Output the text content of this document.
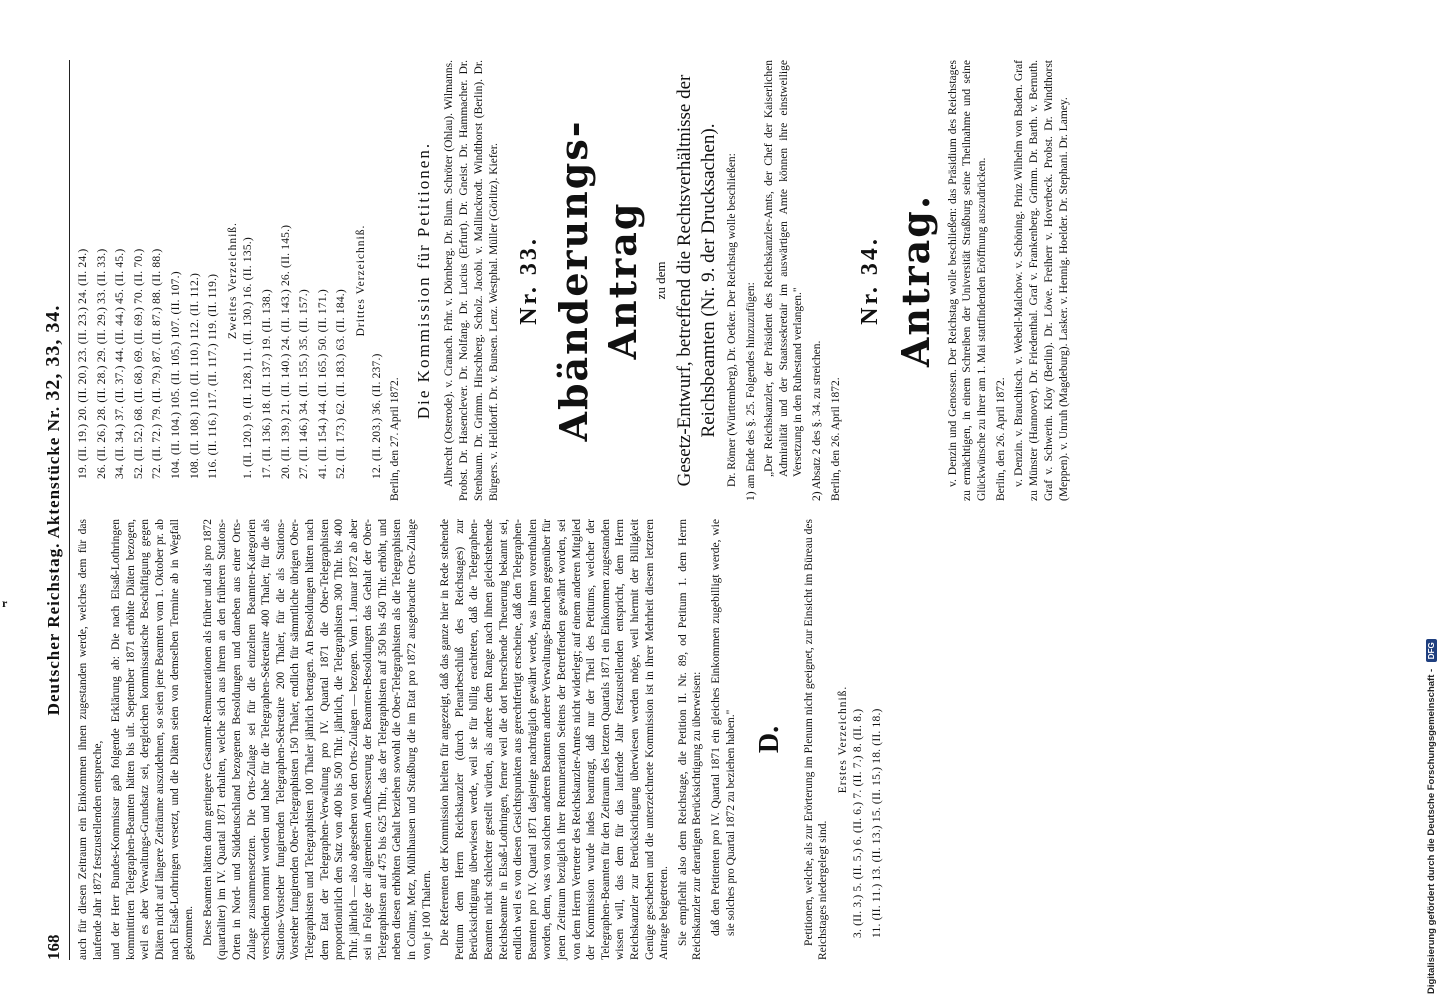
r
168
Deutscher Reichstag. Aktenstücke Nr. 32, 33, 34.

auch für diesen Zeitraum ein Einkommen ihnen zugestanden werde, welches dem für das laufende Jahr 1872 festzustellenden entspreche, und der Herr Bundes-Kommissar gab folgende Erklärung ab: Die nach Elsaß-Lothringen kommittirten Telegraphen-Beamten hätten bis ult. September 1871 erhöhte Diäten bezogen, weil es aber Verwaltungs-Grundsatz sei, dergleichen kommissarische Beschäftigung gegen Diäten nicht auf längere Zeiträume auszudehnen, so seien jene Beamten vom 1. Oktober pr. ab nach Elsaß-Lothringen versetzt, und die Diäten seien von demselben Termine ab in Wegfall gekommen. Diese Beamten hätten dann geringere Gesammt-Remunerationen als früher und als pro 1872 (quartaliter) im IV. Quartal 1871 erhalten, welche sich aus ihrem an den früheren Stations-Orten in Nord- und Süddeutschland bezogenen Besoldungen und daneben aus einer Orts-Zulage zusammensetzten. Die Orts-Zulage sei für die einzelnen Beamten-Kategorien verschieden normirt worden und habe für die Telegraphen-Sekretaire 400 Thaler, für die als Stations-Vorsteher fungirenden Telegraphen-Sekretaire 200 Thaler, für die als Stations-Vorsteher fungirenden Ober-Telegraphisten 150 Thaler, endlich für sämmtliche übrigen Ober-Telegraphisten und Telegraphisten 100 Thaler jährlich betragen. An Besoldungen hätten nach dem Etat der Telegraphen-Verwaltung pro IV. Quartal 1871 die Ober-Telegraphisten proportionirlich den Satz von 400 bis 500 Thlr. jährlich, die Telegraphisten 300 Thlr. bis 400 Thlr. jährlich — also abgesehen von den Orts-Zulagen — bezogen. Vom 1. Januar 1872 ab aber sei in Folge der allgemeinen Aufbesserung der Beamten-Besoldungen das Gehalt der Ober-Telegraphisten auf 475 bis 625 Thlr., das der Telegraphisten auf 350 bis 450 Thlr. erhöht, und neben diesen erhöhten Gehalt beziehen sowohl die Ober-Telegraphisten als die Telegraphisten in Colmar, Metz, Mühlhausen und Straßburg die im Etat pro 1872 ausgebrachte Orts-Zulage von je 100 Thalern. Die Referenten der Kommission hielten für angezeigt, daß das ganze hier in Rede stehende Petitum dem Herrn Reichskanzler (durch Plenarbeschluß des Reichstages) zur Berücksichtigung überwiesen werde, weil sie für billig erachteten, daß die Telegraphen-Beamten nicht schlechter gestellt würden, als andere dem Range nach ihnen gleichstehende Reichsbeamte in Elsaß-Lothringen, ferner weil die dort herrschende Theuerung bekannt sei, endlich weil es von diesen Gesichtspunkten aus gerechtfertigt erscheine, daß den Telegraphen-Beamten pro IV. Quartal 1871 dasjenige nachträglich gewährt werde, was ihnen vorenthalten worden, denn, was von solchen anderen Beamten anderer Verwaltungs-Branchen gegenüber für jenen Zeitraum bezüglich ihrer Remuneration Seitens der Betreffenden gewährt worden, sei von dem Herrn Vertreter des Reichskanzler-Amtes nicht widerlegt; auf einem anderen Mitglied der Kommission wurde indes beantragt, daß nur der Theil des Petitums, welcher der Telegraphen-Beamten für den Zeitraum des letzten Quartals 1871 ein Einkommen zugestanden wissen will, das dem für das laufende Jahr festzustellenden entspricht, dem Herrn Reichskanzler zur Berücksichtigung überwiesen werden möge, weil hiermit der Billigkeit Genüge geschehen und die unterzeichnete Kommission ist in ihrer Mehrheit diesem letzteren Antrage beigetreten. Sie empfiehlt also dem Reichstage, die Petition II. Nr. 89, od Petitum 1. dem Herrn Reichskanzler zur derartigen Berücksichtigung zu überweisen: daß den Petitenten pro IV. Quartal 1871 ein gleiches Einkommen zugebilligt werde, wie sie solches pro Quartal 1872 zu beziehen haben." D. Petitionen, welche, als zur Erörterung im Plenum nicht geeignet, zur Einsicht im Büreau des Reichstages niedergelegt sind.

Erstes Verzeichniß. 3. (II. 3.) 5. (II. 5.) 6. (II. 6.) 7. (II. 7.) 8. (II. 8.) 11. (II. 11.) 13. (II. 13.) 15. (II. 15.) 18. (II. 18.)

19. (II. 19.) 20. (II. 20.) 23. (II. 23.) 24. (II. 24.) 26. (II. 26.) 28. (II. 28.) 29. (II. 29.) 33. (II. 33.) 34. (II. 34.) 37. (II. 37.) 44. (II. 44.) 45. (II. 45.) 52. (II. 52.) 68. (II. 68.) 69. (II. 69.) 70. (II. 70.) 72. (II. 72.) 79. (II. 79.) 87. (II. 87.) 88. (II. 88.) 104. (II. 104.) 105. (II. 105.) 107. (II. 107.) 108. (II. 108.) 110. (II. 110.) 112. (II. 112.) 116. (II. 116.) 117. (II. 117.) 119. (II. 119.) Zweites Verzeichniß. 1. (II. 120.) 9. (II. 128.) 11. (II. 130.) 16. (II. 135.) 17. (II. 136.) 18. (II. 137.) 19. (II. 138.) 20. (II. 139.) 21. (II. 140.) 24. (II. 143.) 26. (II. 145.) 27. (II. 146.) 34. (II. 155.) 35. (II. 157.) 41. (II. 154.) 44. (II. 165.) 50. (II. 171.) 52. (II. 173.) 62. (II. 183.) 63. (II. 184.)

Drittes Verzeichniß.

12. (II. 203.) 36. (II. 237.) Berlin, den 27. April 1872.

Die Kommission für Petitionen. Albrecht (Osterode). v. Cranach. Frhr. v. Dörnberg. Dr. Blum. Schröter (Ohlau). Wilmanns. Probst. Dr. Hasenclever. Dr. Nolfang. Dr. Lucius (Erfurt). Dr. Gneist. Dr. Hammacher. Dr. Stenbaum. Dr. Grimm. Hirschberg. Scholz. Jacobi. v. Mallinckrodt. Windthorst (Berlin). Dr. Bürgers. v. Helldorff. Dr. v. Bunsen. Lenz. Westphal. Müller (Görlitz). Kiefer. Nr. 33. Abänderungs-Antrag zu dem Gesetz-Entwurf, betreffend die Rechtsverhältnisse der Reichsbeamten (Nr. 9. der Drucksachen). Dr. Römer (Württemberg), Dr. Oetker. Der Reichstag wolle beschließen: 1) am Ende des §. 25. Folgendes hinzuzufügen: „Der Reichskanzler, der Präsident des Reichskanzler-Amts, der Chef der Kaiserlichen Admiralität und der Staatssekretair im auswärtigen Amte können ihre einstweilige Versetzung in den Ruhestand verlangen." 2) Absatz 2 des §. 34. zu streichen. Berlin, den 26. April 1872.

Nr. 34. Antrag. v. Denzin und Genossen. Der Reichstag wolle beschließen: das Präsidium des Reichstages zu ermächtigen, in einem Schreiben der Universität Straßburg seine Theilnahme und seine Glückwünsche zu ihrer am 1. Mai stattfindenden Eröffnung auszudrücken. Berlin, den 26. April 1872. v. Denzin. v. Brauchitsch. v. Webell-Malchow. v. Schöning. Prinz Wilhelm von Baden. Graf zu Münster (Hannover). Dr. Friedenthal. Graf v. Frankenberg. Grimm. Dr. Barth. v. Bernuth. Graf v. Schwerin. Kloy (Berlin). Dr. Löwe. Freiherr v. Hoverbeck. Probst. Dr. Windthorst (Meppen). v. Unruh (Magdeburg). Lasker. v. Hennig. Hoelder. Dr. Stephani. Dr. Lamey.

Digitalisierung gefördert durch die Deutsche Forschungsgemeinschaft - DFG
